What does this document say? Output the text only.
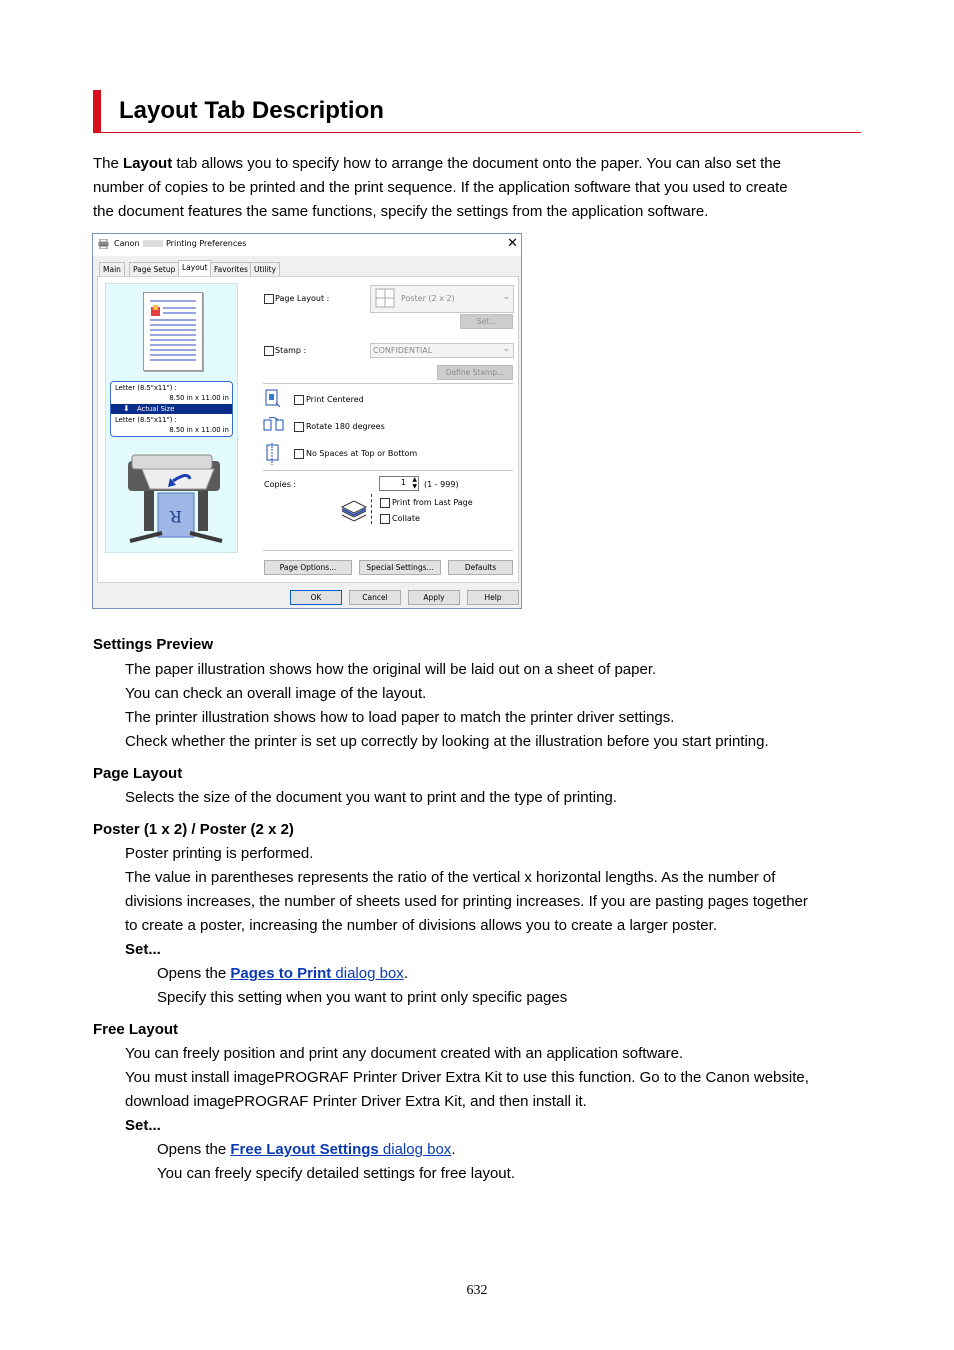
Layout Tab Description
The Layout tab allows you to specify how to arrange the document onto the paper. You can also set the
number of copies to be printed and the print sequence. If the application software that you used to create
the document features the same functions, specify the settings from the application software.
Canon	Printing Preferences	✕
Main	Page Setup Layout Favorites Utility
Letter (8.5"x11") :
8.50 in x 11.00 in
⬇ Actual Size
Letter (8.5"x11") :
8.50 in x 11.00 in
R
Page Layout :	Poster (2 x 2)	⌄
Set...
Stamp :	CONFIDENTIAL	⌄
Define Stamp...
Print Centered
Rotate 180 degrees
No Spaces at Top or Bottom
Copies :	1 ▲
▼ (1 - 999)
Print from Last Page
Collate
Page Options...	Special Settings...	Defaults
OK	Cancel	Apply	Help
Settings Preview
The paper illustration shows how the original will be laid out on a sheet of paper.
You can check an overall image of the layout.
The printer illustration shows how to load paper to match the printer driver settings.
Check whether the printer is set up correctly by looking at the illustration before you start printing.
Page Layout
Selects the size of the document you want to print and the type of printing.
Poster (1 x 2) / Poster (2 x 2)
Poster printing is performed.
The value in parentheses represents the ratio of the vertical x horizontal lengths. As the number of
divisions increases, the number of sheets used for printing increases. If you are pasting pages together
to create a poster, increasing the number of divisions allows you to create a larger poster.
Set...
Opens the Pages to Print dialog box.
Specify this setting when you want to print only specific pages
Free Layout
You can freely position and print any document created with an application software.
You must install imagePROGRAF Printer Driver Extra Kit to use this function. Go to the Canon website,
download imagePROGRAF Printer Driver Extra Kit, and then install it.
Set...
Opens the Free Layout Settings dialog box.
You can freely specify detailed settings for free layout.
632
